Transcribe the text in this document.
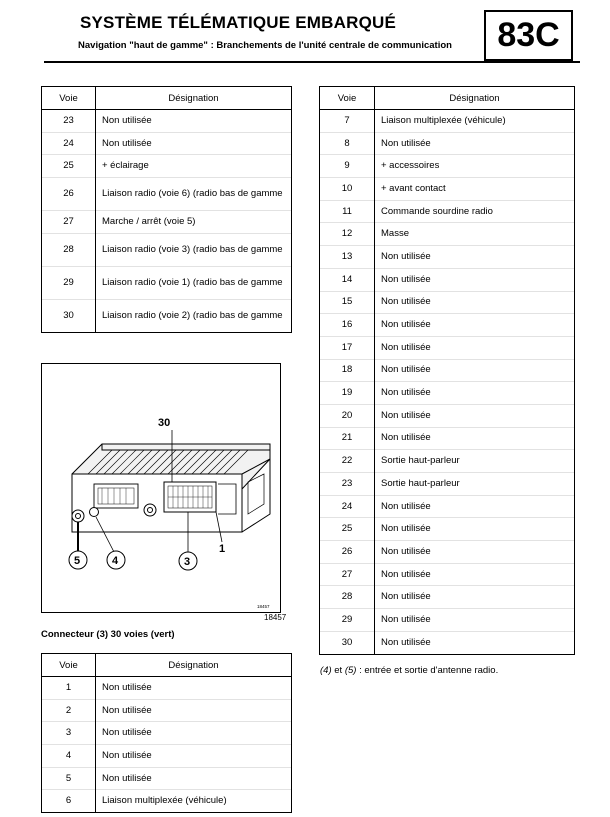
SYSTÈME TÉLÉMATIQUE EMBARQUÉ
Navigation "haut de gamme" : Branchements de l'unité centrale de communication	83C
Voie	Désignation
23	Non utilisée
24	Non utilisée
25	+ éclairage
26	Liaison radio (voie 6) (radio bas de gamme
27	Marche / arrêt (voie 5)
28	Liaison radio (voie 3) (radio bas de gamme
29	Liaison radio (voie 1) (radio bas de gamme
30	Liaison radio (voie 2) (radio bas de gamme
Voie	Désignation
7	Liaison multiplexée (véhicule)
8	Non utilisée
9	+ accessoires
10	+ avant contact
11	Commande sourdine radio
12	Masse
13	Non utilisée
14	Non utilisée
15	Non utilisée
16	Non utilisée
17	Non utilisée
18	Non utilisée
19	Non utilisée
20	Non utilisée
21	Non utilisée
22	Sortie haut-parleur
23	Sortie haut-parleur
24	Non utilisée
25	Non utilisée
26	Non utilisée
27	Non utilisée
28	Non utilisée
29	Non utilisée
30	Non utilisée
30
1
5	4	3
18457
18457
Connecteur (3) 30 voies (vert)
Voie	Désignation
1	Non utilisée
2	Non utilisée
3	Non utilisée
4	Non utilisée
5	Non utilisée
6	Liaison multiplexée (véhicule)
(4) et (5) : entrée et sortie d'antenne radio.
